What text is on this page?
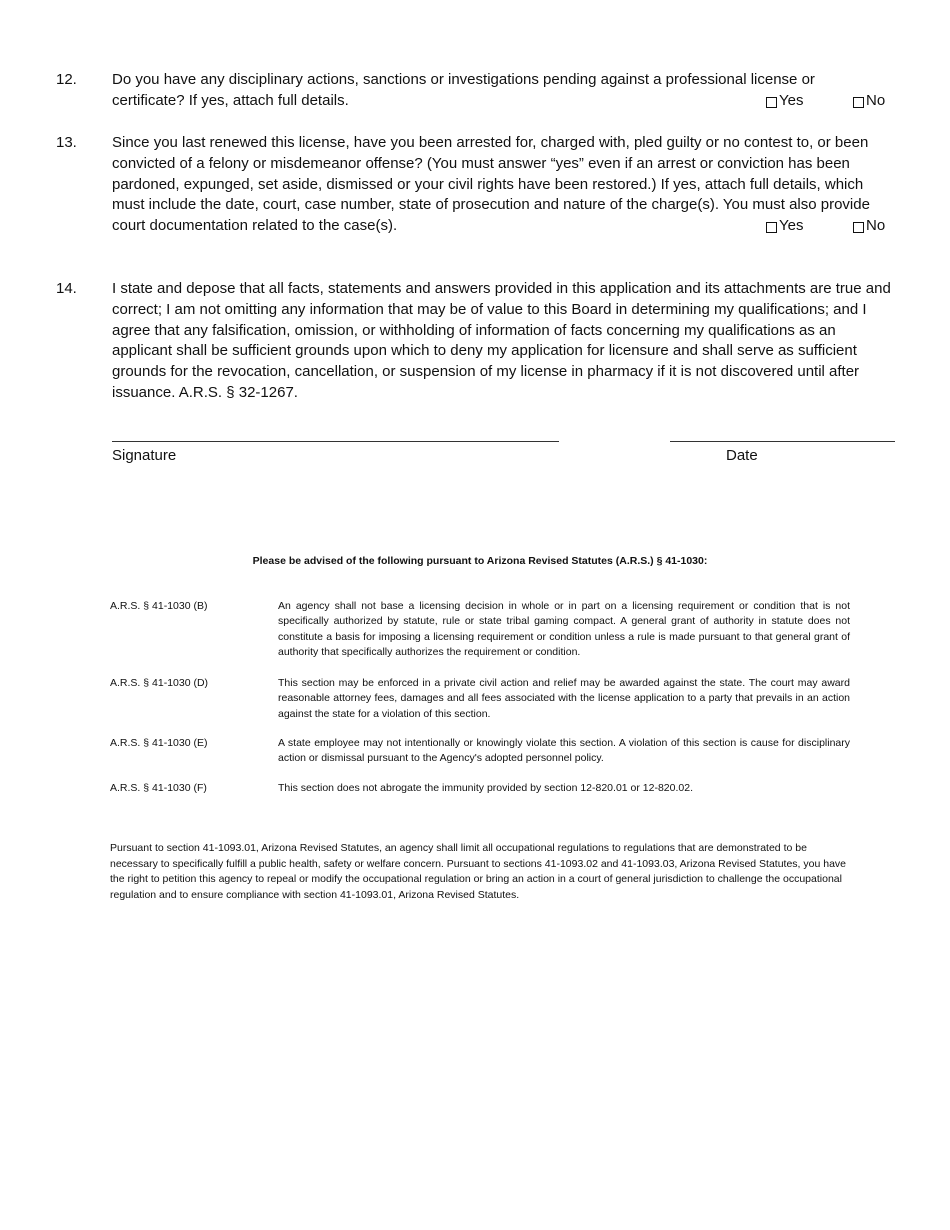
12. Do you have any disciplinary actions, sanctions or investigations pending against a professional license or certificate? If yes, attach full details.	Yes	No
13. Since you last renewed this license, have you been arrested for, charged with, pled guilty or no contest to, or been convicted of a felony or misdemeanor offense? (You must answer “yes” even if an arrest or conviction has been pardoned, expunged, set aside, dismissed or your civil rights have been restored.) If yes, attach full details, which must include the date, court, case number, state of prosecution and nature of the charge(s). You must also provide court documentation related to the case(s).	Yes	No
14. I state and depose that all facts, statements and answers provided in this application and its attachments are true and correct; I am not omitting any information that may be of value to this Board in determining my qualifications; and I agree that any falsification, omission, or withholding of information of facts concerning my qualifications as an applicant shall be sufficient grounds upon which to deny my application for licensure and shall serve as sufficient grounds for the revocation, cancellation, or suspension of my license in pharmacy if it is not discovered until after issuance. A.R.S. § 32-1267.
Signature	Date
Please be advised of the following pursuant to Arizona Revised Statutes (A.R.S.) § 41-1030:
A.R.S. § 41-1030 (B)	An agency shall not base a licensing decision in whole or in part on a licensing requirement or condition that is not specifically authorized by statute, rule or state tribal gaming compact. A general grant of authority in statute does not constitute a basis for imposing a licensing requirement or condition unless a rule is made pursuant to that general grant of authority that specifically authorizes the requirement or condition.
A.R.S. § 41-1030 (D)	This section may be enforced in a private civil action and relief may be awarded against the state. The court may award reasonable attorney fees, damages and all fees associated with the license application to a party that prevails in an action against the state for a violation of this section.
A.R.S. § 41-1030 (E)	A state employee may not intentionally or knowingly violate this section. A violation of this section is cause for disciplinary action or dismissal pursuant to the Agency's adopted personnel policy.
A.R.S. § 41-1030 (F)	This section does not abrogate the immunity provided by section 12-820.01 or 12-820.02.
Pursuant to section 41-1093.01, Arizona Revised Statutes, an agency shall limit all occupational regulations to regulations that are demonstrated to be necessary to specifically fulfill a public health, safety or welfare concern. Pursuant to sections 41-1093.02 and 41-1093.03, Arizona Revised Statutes, you have the right to petition this agency to repeal or modify the occupational regulation or bring an action in a court of general jurisdiction to challenge the occupational regulation and to ensure compliance with section 41-1093.01, Arizona Revised Statutes.
